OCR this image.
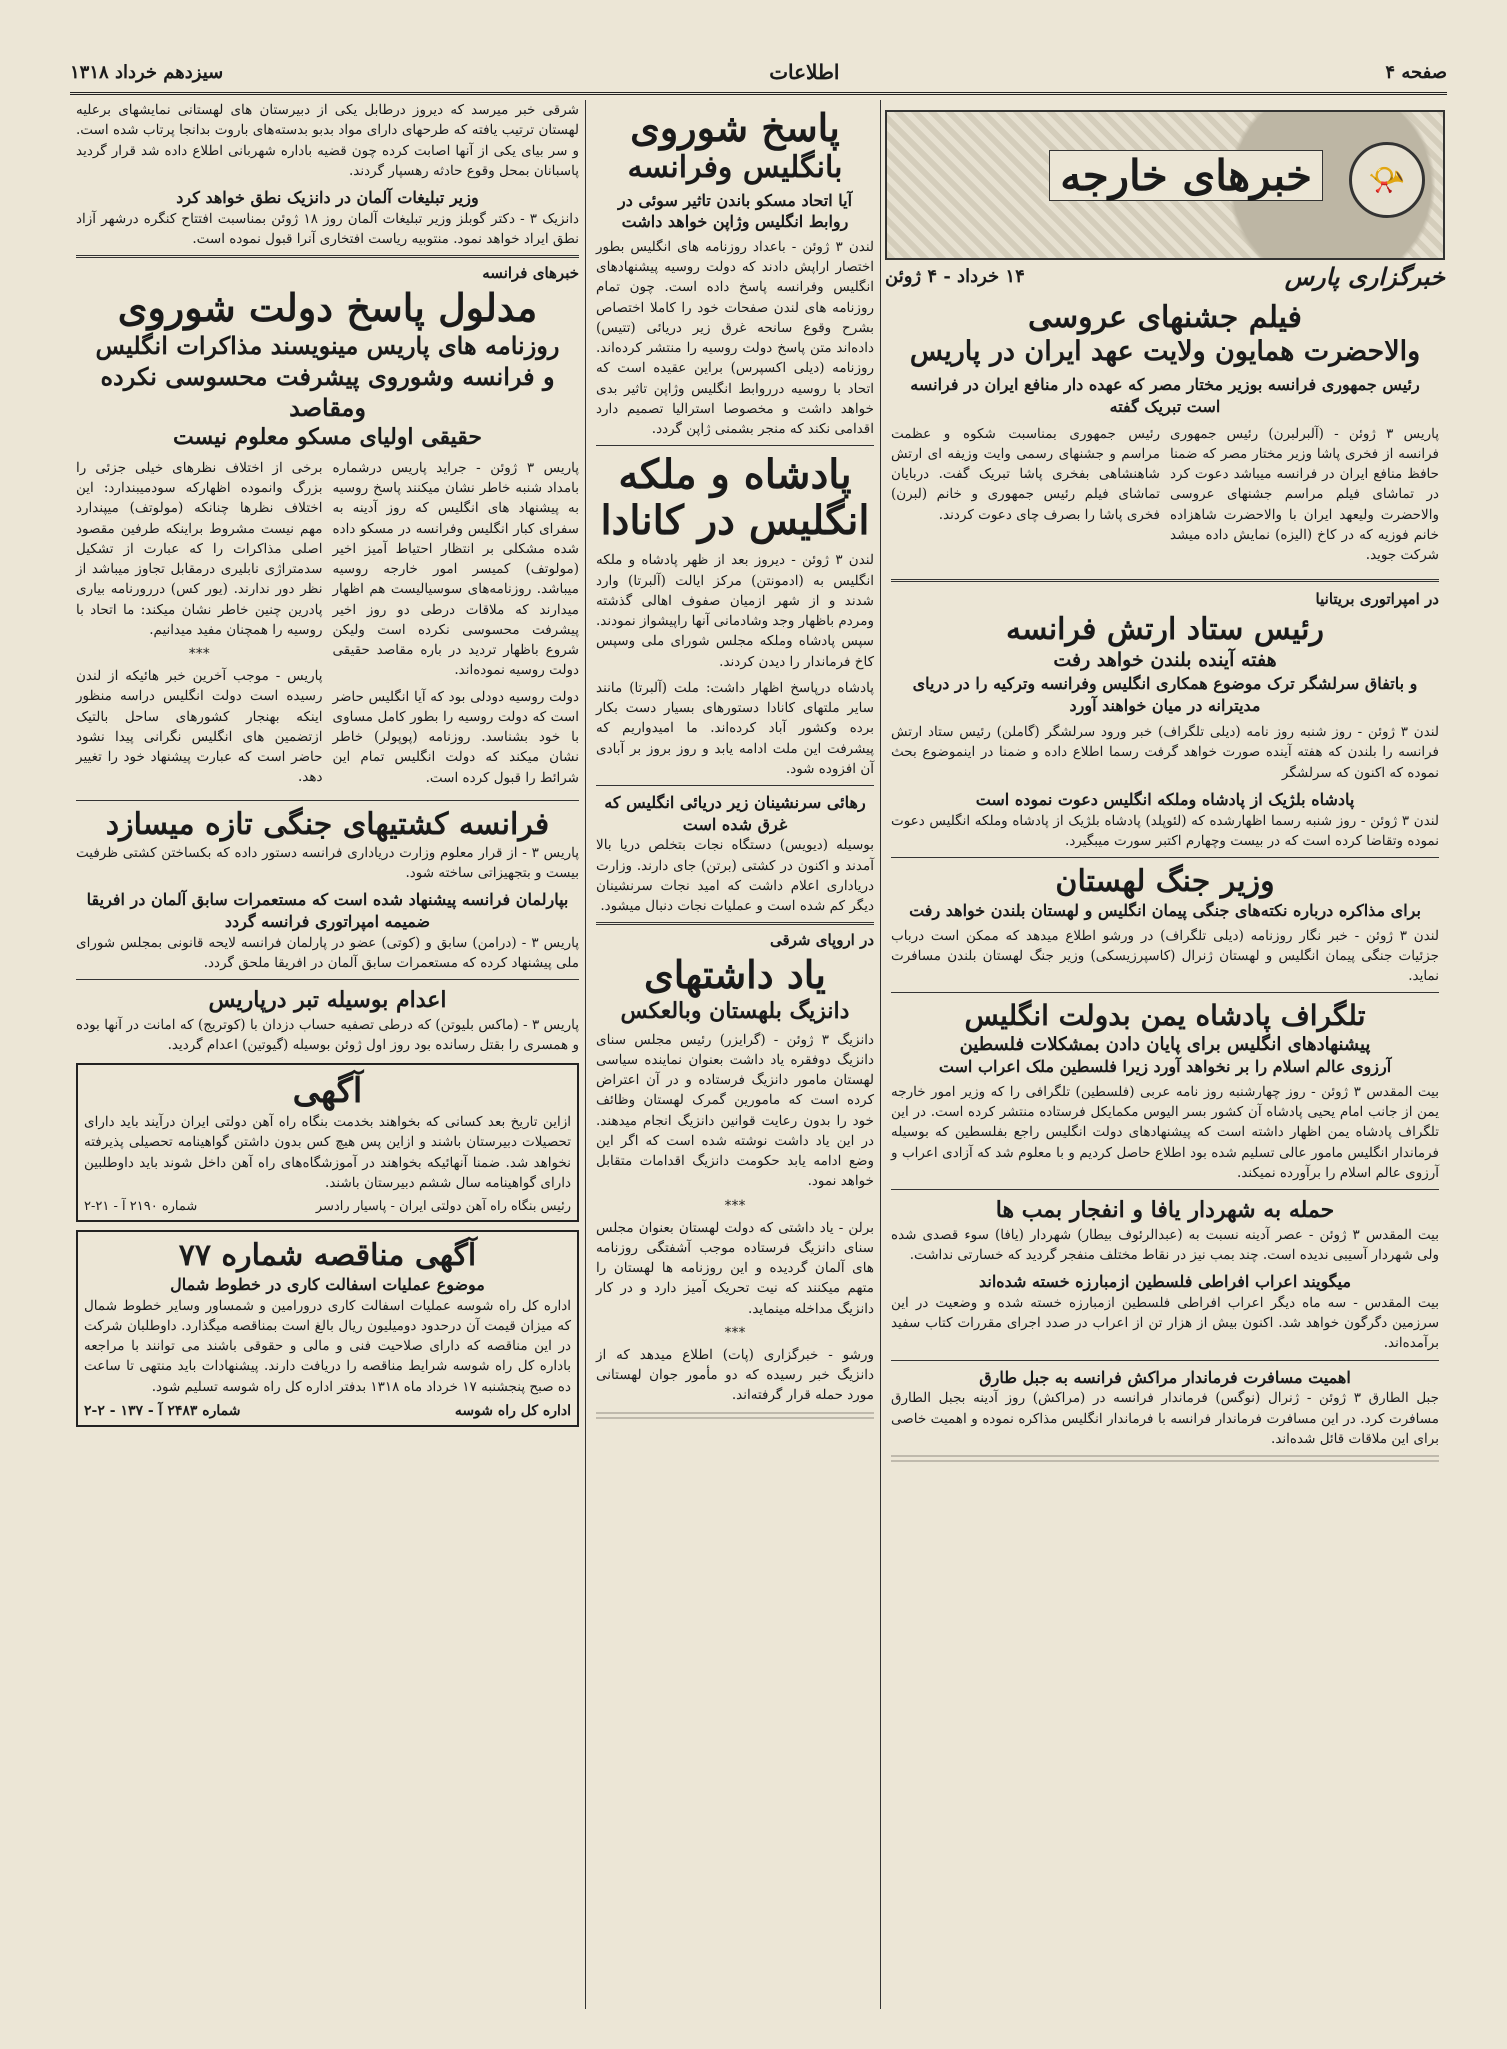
صفحه ۴
اطلاعات
سیزدهم خرداد ۱۳۱۸
📯
خبرهای خارجه
خبرگزاری پارس
۱۴ خرداد - ۴ ژوئن
فیلم جشنهای عروسی
والاحضرت همایون ولایت عهد ایران در پاریس
رئیس جمهوری فرانسه بوزیر مختار مصر که عهده دار منافع ایران در فرانسه است تبریک گفته

پاریس ۳ ژوئن - (آلبرلبرن) رئیس جمهوری فرانسه از فخری پاشا وزیر مختار مصر که ضمنا حافظ منافع ایران در فرانسه میباشد دعوت کرد در تماشای فیلم مراسم جشنهای عروسی والاحضرت ولیعهد ایران با والاحضرت شاهزاده خانم فوزیه که در کاخ (الیزه) نمایش داده میشد شرکت جوید.

رئیس جمهوری بمناسبت شکوه و عظمت مراسم و جشنهای رسمی وایت وزیفه ای ارتش شاهنشاهی بفخری پاشا تبریک گفت. دربایان تماشای فیلم رئیس جمهوری و خانم (لبرن) فخری پاشا را بصرف چای دعوت کردند.

در امپراتوری بریتانیا
رئیس ستاد ارتش فرانسه
هفته آینده بلندن خواهد رفت
و باتفاق سرلشگر ترک موضوع همکاری انگلیس وفرانسه وترکیه را در دریای مدیترانه در میان خواهند آورد

لندن ۳ ژوئن - روز شنبه روز نامه (دیلی تلگراف) خبر ورود سرلشگر (گاملن) رئیس ستاد ارتش فرانسه را بلندن که هفته آینده صورت خواهد گرفت رسما اطلاع داده و ضمنا در اینموضوع بحث نموده که اکنون که سرلشگر

پادشاه بلژیک از پادشاه وملکه انگلیس دعوت نموده است

لندن ۳ ژوئن - روز شنبه رسما اظهارشده که (لئوپلد) پادشاه بلژیک از پادشاه وملکه انگلیس دعوت نموده وتقاضا کرده است که در بیست وچهارم اکتبر سورت میبگیرد.

وزیر جنگ لهستان
برای مذاکره درباره نکته‌های جنگی پیمان انگلیس و لهستان بلندن خواهد رفت

لندن ۳ ژوئن - خبر نگار روزنامه (دیلی تلگراف) در ورشو اطلاع میدهد که ممکن است درباب جزئیات جنگی پیمان انگلیس و لهستان ژنرال (کاسپرزیسکی) وزیر جنگ لهستان بلندن مسافرت نماید.

تلگراف پادشاه یمن بدولت انگلیس
پیشنهادهای انگلیس برای پایان دادن بمشکلات فلسطین
آرزوی عالم اسلام را بر نخواهد آورد زیرا فلسطین ملک اعراب است

بیت المقدس ۳ ژوئن - روز چهارشنبه روز نامه عربی (فلسطین) تلگرافی را که وزیر امور خارجه یمن از جانب امام یحیی پادشاه آن کشور بسر الیوس مکمایکل فرستاده منتشر کرده است. در این تلگراف پادشاه یمن اظهار داشته است که پیشنهادهای دولت انگلیس راجع بفلسطین که بوسیله فرماندار انگلیس مامور عالی تسلیم شده بود اطلاع حاصل کردیم و با معلوم شد که آزادی اعراب و آرزوی عالم اسلام را برآورده نمیکند.

حمله به شهردار یافا و انفجار بمب ها

بیت المقدس ۳ ژوئن - عصر آدینه نسبت به (عبدالرئوف بیطار) شهردار (یافا) سوء قصدی شده ولی شهردار آسیبی ندیده است. چند بمب نیز در نقاط مختلف منفجر گردید که خسارتی نداشت.

میگویند اعراب افراطی فلسطین ازمبارزه خسته شده‌اند

بیت المقدس - سه ماه دیگر اعراب افراطی فلسطین ازمبارزه خسته شده و وضعیت در این سرزمین دگرگون خواهد شد. اکنون بیش از هزار تن از اعراب در صدد اجرای مقررات کتاب سفید برآمده‌اند.

اهمیت مسافرت فرماندار مراکش فرانسه به جبل طارق

جبل الطارق ۳ ژوئن - ژنرال (نوگس) فرماندار فرانسه در (مراکش) روز آدینه بجبل الطارق مسافرت کرد. در این مسافرت فرماندار فرانسه با فرماندار انگلیس مذاکره نموده و اهمیت خاصی برای این ملاقات قائل شده‌اند.

پاسخ شوروی
بانگلیس وفرانسه
آیا اتحاد مسکو باندن تاثیر سوئی در روابط انگلیس وژاپن خواهد داشت

لندن ۳ ژوئن - باعداد روزنامه های انگلیس بطور اختصار اراپش دادند که دولت روسیه پیشنهادهای انگلیس وفرانسه پاسخ داده است. چون تمام روزنامه های لندن صفحات خود را کاملا اختصاص بشرح وقوع سانحه غرق زیر دریائی (تتیس) داده‌اند متن پاسخ دولت روسیه را منتشر کرده‌اند. روزنامه (دیلی اکسپرس) براین عقیده است که اتحاد با روسیه درروابط انگلیس وژاپن تاثیر بدی خواهد داشت و مخصوصا استرالیا تصمیم دارد اقدامی نکند که منجر بشمنی ژاپن گردد.

پادشاه و ملکه
انگلیس در کانادا

لندن ۳ ژوئن - دیروز بعد از ظهر پادشاه و ملکه انگلیس به (ادمونتن) مرکز ایالت (آلبرتا) وارد شدند و از شهر ازمیان صفوف اهالی گذشته ومردم باظهار وجد وشادمانی آنها راپیشواز نمودند. سپس پادشاه وملکه مجلس شورای ملی وسپس کاخ فرماندار را دیدن کردند.

پادشاه درپاسخ اظهار داشت: ملت (آلبرتا) مانند سایر ملتهای کانادا دستورهای بسیار دست بکار برده وکشور آباد کرده‌اند. ما امیدواریم که پیشرفت این ملت ادامه یابد و روز بروز بر آبادی آن افزوده شود.

رهائی سرنشینان زیر دریائی انگلیس که غرق شده است

بوسیله (دیویس) دستگاه نجات بتخلص دریا بالا آمدند و اکنون در کشتی (برتن) جای دارند. وزارت دریاداری اعلام داشت که امید نجات سرنشینان دیگر کم شده است و عملیات نجات دنبال میشود.

در اروپای شرقی
یاد داشتهای
دانزیگ بلهستان وبالعکس

دانزیگ ۳ ژوئن - (گرایزر) رئیس مجلس سنای دانزیگ دوفقره یاد داشت بعنوان نماینده سیاسی لهستان مامور دانزیگ فرستاده و در آن اعتراض کرده است که مامورین گمرک لهستان وظائف خود را بدون رعایت قوانین دانزیگ انجام میدهند. در این یاد داشت نوشته شده است که اگر این وضع ادامه یابد حکومت دانزیگ اقدامات متقابل خواهد نمود.

***

برلن - یاد داشتی که دولت لهستان بعنوان مجلس سنای دانزیگ فرستاده موجب آشفتگی روزنامه های آلمان گردیده و این روزنامه ها لهستان را متهم میکنند که نیت تحریک آمیز دارد و در کار دانزیگ مداخله مینماید.

***

ورشو - خبرگزاری (پات) اطلاع میدهد که از دانزیگ خبر رسیده که دو مأمور جوان لهستانی مورد حمله قرار گرفته‌اند.

شرقی خبر میرسد که دیروز درطابل یکی از دبیرستان های لهستانی نمایشهای برعلیه لهستان ترتیب یافته که طرحهای دارای مواد بدبو بدسته‌های باروت بدانجا پرتاب شده است. و سر بیای یکی از آنها اصابت کرده چون قضیه باداره شهربانی اطلاع داده شد قرار گردید پاسبانان بمحل وقوع حادثه رهسپار گردند.

وزیر تبلیغات آلمان در دانزیک نطق خواهد کرد

دانزیک ۳ - دکتر گوبلز وزیر تبلیغات آلمان روز ۱۸ ژوئن بمناسبت افتتاح کنگره درشهر آزاد نطق ایراد خواهد نمود. منتوبیه ریاست افتخاری آنرا قبول نموده است.

خبرهای فرانسه
مدلول پاسخ دولت شوروی
روزنامه های پاریس مینویسند مذاکرات انگلیس
و فرانسه وشوروی پیشرفت محسوسی نکرده ومقاصد
حقیقی اولیای مسکو معلوم نیست

پاریس ۳ ژوئن - جراید پاریس درشماره بامداد شنبه خاطر نشان میکنند پاسخ روسیه به پیشنهاد های انگلیس که روز آدینه به سفرای کبار انگلیس وفرانسه در مسکو داده شده مشکلی بر انتظار احتیاط آمیز اخیر (مولوتف) کمیسر امور خارجه روسیه میباشد. روزنامه‌های سوسیالیست هم اظهار میدارند که ملاقات درطی دو روز اخیر پیشرفت محسوسی نکرده است ولیکن شروع باظهار تردید در باره مقاصد حقیقی دولت روسیه نموده‌اند.

دولت روسیه دودلی بود که آیا انگلیس حاضر است که دولت روسیه را بطور کامل مساوی با خود بشناسد. روزنامه (پوپولر) خاطر نشان میکند که دولت انگلیس تمام این شرائط را قبول کرده است.

برخی از اختلاف نظرهای خیلی جزئی را بزرگ وانموده اظهارکه سودمیبندارد: این اختلاف نظرها چنانکه (مولوتف) میپندارد مهم نیست مشروط براینکه طرفین مقصود اصلی مذاکرات را که عبارت از تشکیل سدمتراژی نابلیری درمقابل تجاوز میباشد از نظر دور ندارند. (یور کس) دررورنامه بیاری پادرین چنین خاطر نشان میکند: ما اتحاد با روسیه را همچنان مفید میدانیم.

***

پاریس - موجب آخرین خبر هائیکه از لندن رسیده است دولت انگلیس دراسه منظور اینکه بهنجار کشورهای ساحل بالتیک ازتضمین های انگلیس نگرانی پیدا نشود حاضر است که عبارت پیشنهاد خود را تغییر دهد.

فرانسه کشتیهای جنگی تازه میسازد

پاریس ۳ - از قرار معلوم وزارت دریاداری فرانسه دستور داده که بکساختن کشتی ظرفیت بیست و بتجهیزاتی ساخته شود.

بپارلمان فرانسه پیشنهاد شده است که مستعمرات سابق آلمان در افریقا ضمیمه امپراتوری فرانسه گردد

پاریس ۳ - (درامن) سابق و (کوتی) عضو در پارلمان فرانسه لایحه قانونی بمجلس شورای ملی پیشنهاد کرده که مستعمرات سابق آلمان در افریقا ملحق گردد.

اعدام بوسیله تبر درپاریس

پاریس ۳ - (ماکس بلیوتن) که درطی تصفیه حساب دزدان با (کوتریج) که امانت در آنها بوده و همسری را بقتل رسانده بود روز اول ژوئن بوسیله (گیوتین) اعدام گردید.

آگهی

ازاین تاریخ بعد کسانی که بخواهند بخدمت بنگاه راه آهن دولتی ایران درآیند باید دارای تحصیلات دبیرستان باشند و ازاین پس هیچ کس بدون داشتن گواهینامه تحصیلی پذیرفته نخواهد شد. ضمنا آنهائیکه بخواهند در آموزشگاه‌های راه آهن داخل شوند باید داوطلبین دارای گواهینامه سال ششم دبیرستان باشند.

رئیس بنگاه راه آهن دولتی ایران - پاسیار رادسر
شماره ۲۱۹۰ آ - ۲۱-۲
آگهی مناقصه شماره ۷۷
موضوع عملیات اسفالت کاری در خطوط شمال

اداره کل راه شوسه عملیات اسفالت کاری درورامین و شمساور وسایر خطوط شمال که میزان قیمت آن درحدود دومیلیون ریال بالغ است بمناقصه میگذارد. داوطلبان شرکت در این مناقصه که دارای صلاحیت فنی و مالی و حقوقی باشند می توانند با مراجعه باداره کل راه شوسه شرایط مناقصه را دریافت دارند. پیشنهادات باید منتهی تا ساعت ده صبح پنجشنبه ۱۷ خرداد ماه ۱۳۱۸ بدفتر اداره کل راه شوسه تسلیم شود.

اداره کل راه شوسه
شماره ۲۴۸۳ آ - ۱۳۷ - ۲-۲
